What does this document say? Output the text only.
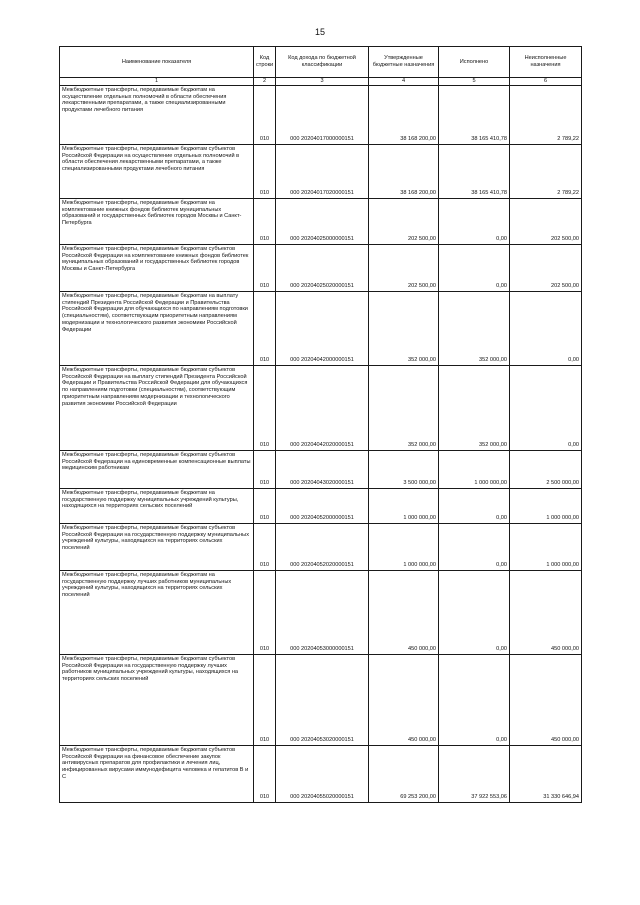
15
Наименование показателя	Код строки	Код дохода по бюджетной классификации	Утвержденные бюджетные назначения	Исполнено	Неисполненные назначения
1	2	3	4	5	6
Межбюджетные трансферты, передаваемые бюджетам на осуществление отдельных полномочий в области обеспечения лекарственными препаратами, а также специализированными продуктами лечебного питания	010	000 20204017000000151	38 168 200,00	38 165 410,78	2 789,22
Межбюджетные трансферты, передаваемые бюджетам субъектов Российской Федерации на осуществление отдельных полномочий в области обеспечения лекарственными препаратами, а также специализированными продуктами лечебного питания	010	000 20204017020000151	38 168 200,00	38 165 410,78	2 789,22
Межбюджетные трансферты, передаваемые бюджетам на комплектование книжных фондов библиотек муниципальных образований и государственных библиотек городов Москвы и Санкт-Петербурга	010	000 20204025000000151	202 500,00	0,00	202 500,00
Межбюджетные трансферты, передаваемые бюджетам субъектов Российской Федерации на комплектование книжных фондов библиотек муниципальных образований и государственных библиотек городов Москвы и Санкт-Петербурга	010	000 20204025020000151	202 500,00	0,00	202 500,00
Межбюджетные трансферты, передаваемые бюджетам на выплату стипендий Президента Российской Федерации и Правительства Российской Федерации для обучающихся по направлениям подготовки (специальностям), соответствующим приоритетным направлениям модернизации и технологического развития экономики Российской Федерации	010	000 20204042000000151	352 000,00	352 000,00	0,00
Межбюджетные трансферты, передаваемые бюджетам субъектов Российской Федерации на выплату стипендий Президента Российской Федерации и Правительства Российской Федерации для обучающихся по направлениям подготовки (специальностям), соответствующим приоритетным направлениям модернизации и технологического развития экономики Российской Федерации	010	000 20204042020000151	352 000,00	352 000,00	0,00
Межбюджетные трансферты, передаваемые бюджетам субъектов Российской Федерации на единовременные компенсационные выплаты медицинским работникам	010	000 20204043020000151	3 500 000,00	1 000 000,00	2 500 000,00
Межбюджетные трансферты, передаваемые бюджетам на государственную поддержку муниципальных учреждений культуры, находящихся на территориях сельских поселений	010	000 20204052000000151	1 000 000,00	0,00	1 000 000,00
Межбюджетные трансферты, передаваемые бюджетам субъектов Российской Федерации на государственную поддержку муниципальных учреждений культуры, находящихся на территориях сельских поселений	010	000 20204052020000151	1 000 000,00	0,00	1 000 000,00
Межбюджетные трансферты, передаваемые бюджетам на государственную поддержку лучших работников муниципальных учреждений культуры, находящихся на территориях сельских поселений	010	000 20204053000000151	450 000,00	0,00	450 000,00
Межбюджетные трансферты, передаваемые бюджетам субъектов Российской Федерации на государственную поддержку лучших работников муниципальных учреждений культуры, находящихся на территориях сельских поселений	010	000 20204053020000151	450 000,00	0,00	450 000,00
Межбюджетные трансферты, передаваемые бюджетам субъектов Российской Федерации на финансовое обеспечение закупок антивирусных препаратов для профилактики и лечения лиц, инфицированных вирусами иммунодефицита человека и гепатитов B и C	010	000 20204055020000151	69 253 200,00	37 922 553,06	31 330 646,94
